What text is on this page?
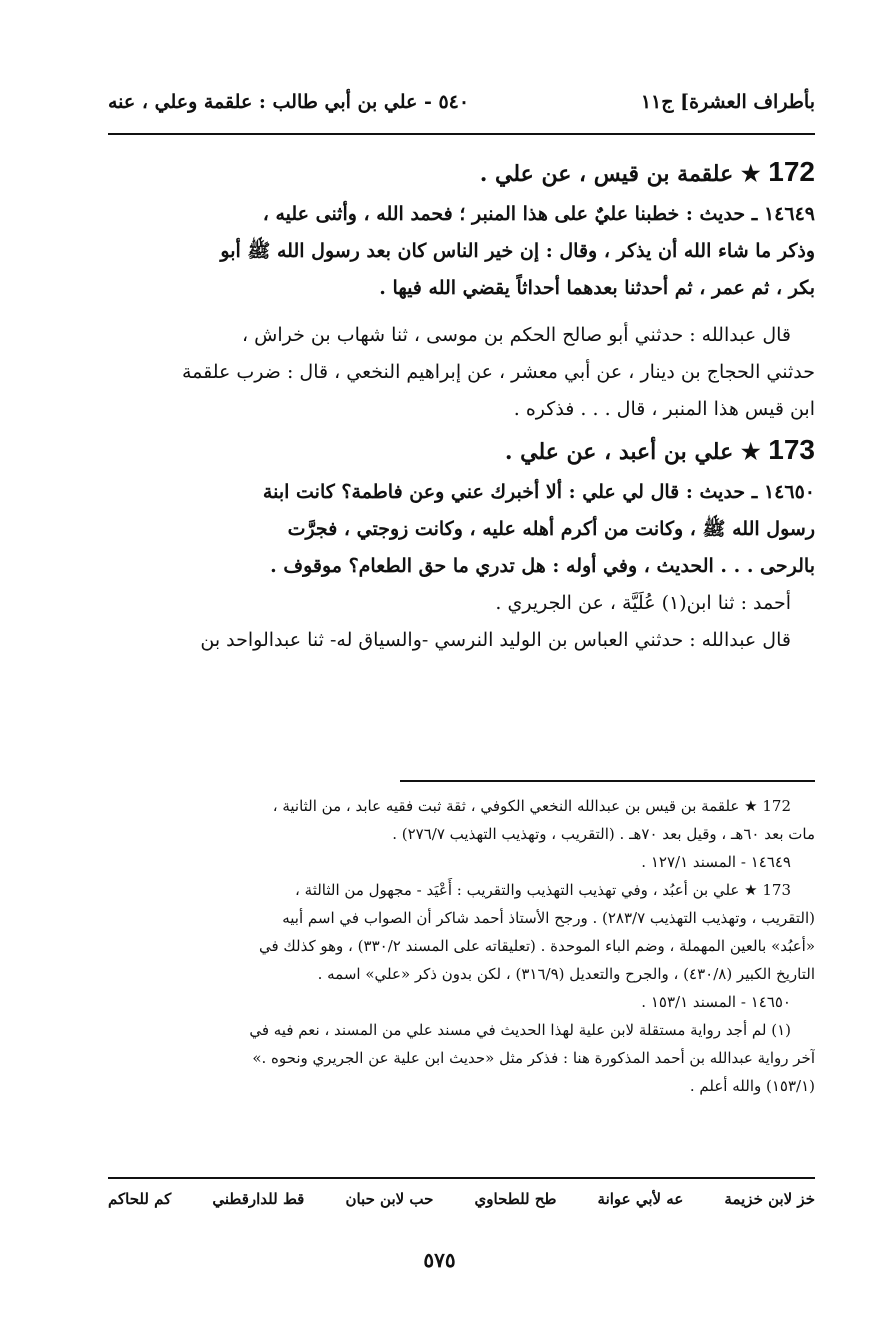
بأطراف العشرة] ج١١
٥٤٠ - علي بن أبي طالب : علقمة وعلي ، عنه
172 ★ علقمة بن قيس ، عن علي .
١٤٦٤٩ ـ حديث : خطبنا عليٌ على هذا المنبر ؛ فحمد الله ، وأثنى عليه ،
وذكر ما شاء الله أن يذكر ، وقال : إن خير الناس كان بعد رسول الله ﷺ أبو
بكر ، ثم عمر ، ثم أحدثنا بعدهما أحداثاً يقضي الله فيها .
قال عبدالله : حدثني أبو صالح الحكم بن موسى ، ثنا شهاب بن خراش ،
حدثني الحجاج بن دينار ، عن أبي معشر ، عن إبراهيم النخعي ، قال : ضرب علقمة
ابن قيس هذا المنبر ، قال . . . فذكره .
173 ★ علي بن أعبد ، عن علي .
١٤٦٥٠ ـ حديث : قال لي علي : ألا أخبرك عني وعن فاطمة؟ كانت ابنة
رسول الله ﷺ ، وكانت من أكرم أهله عليه ، وكانت زوجتي ، فجرَّت
بالرحى . . . الحديث ، وفي أوله : هل تدري ما حق الطعام؟ موقوف .
أحمد : ثنا ابن(١) عُلَيَّة ، عن الجريري .
قال عبدالله : حدثني العباس بن الوليد النرسي -والسياق له- ثنا عبدالواحد بن
172 ★ علقمة بن قيس بن عبدالله النخعي الكوفي ، ثقة ثبت فقيه عابد ، من الثانية ،
مات بعد ٦٠هـ ، وقيل بعد ٧٠هـ . (التقريب ، وتهذيب التهذيب ٢٧٦/٧) .
١٤٦٤٩ - المسند ١٢٧/١ .
173 ★ علي بن أعبُد ، وفي تهذيب التهذيب والتقريب : أَعْيَد - مجهول من الثالثة ،
(التقريب ، وتهذيب التهذيب ٢٨٣/٧) . ورجح الأستاذ أحمد شاكر أن الصواب في اسم أبيه
«أعبُد» بالعين المهملة ، وضم الباء الموحدة . (تعليقاته على المسند ٣٣٠/٢) ، وهو كذلك في
التاريخ الكبير (٤٣٠/٨) ، والجرح والتعديل (٣١٦/٩) ، لكن بدون ذكر «علي» اسمه .
١٤٦٥٠ - المسند ١٥٣/١ .
(١) لم أجد رواية مستقلة لابن علية لهذا الحديث في مسند علي من المسند ، نعم فيه في
آخر رواية عبدالله بن أحمد المذكورة هنا : فذكر مثل «حديث ابن علية عن الجريري ونحوه .»
(١٥٣/١) والله أعلم .
خز لابن خزيمة
عه لأبي عوانة
طح للطحاوي
حب لابن حبان
قط للدارقطني
كم للحاكم
٥٧٥
